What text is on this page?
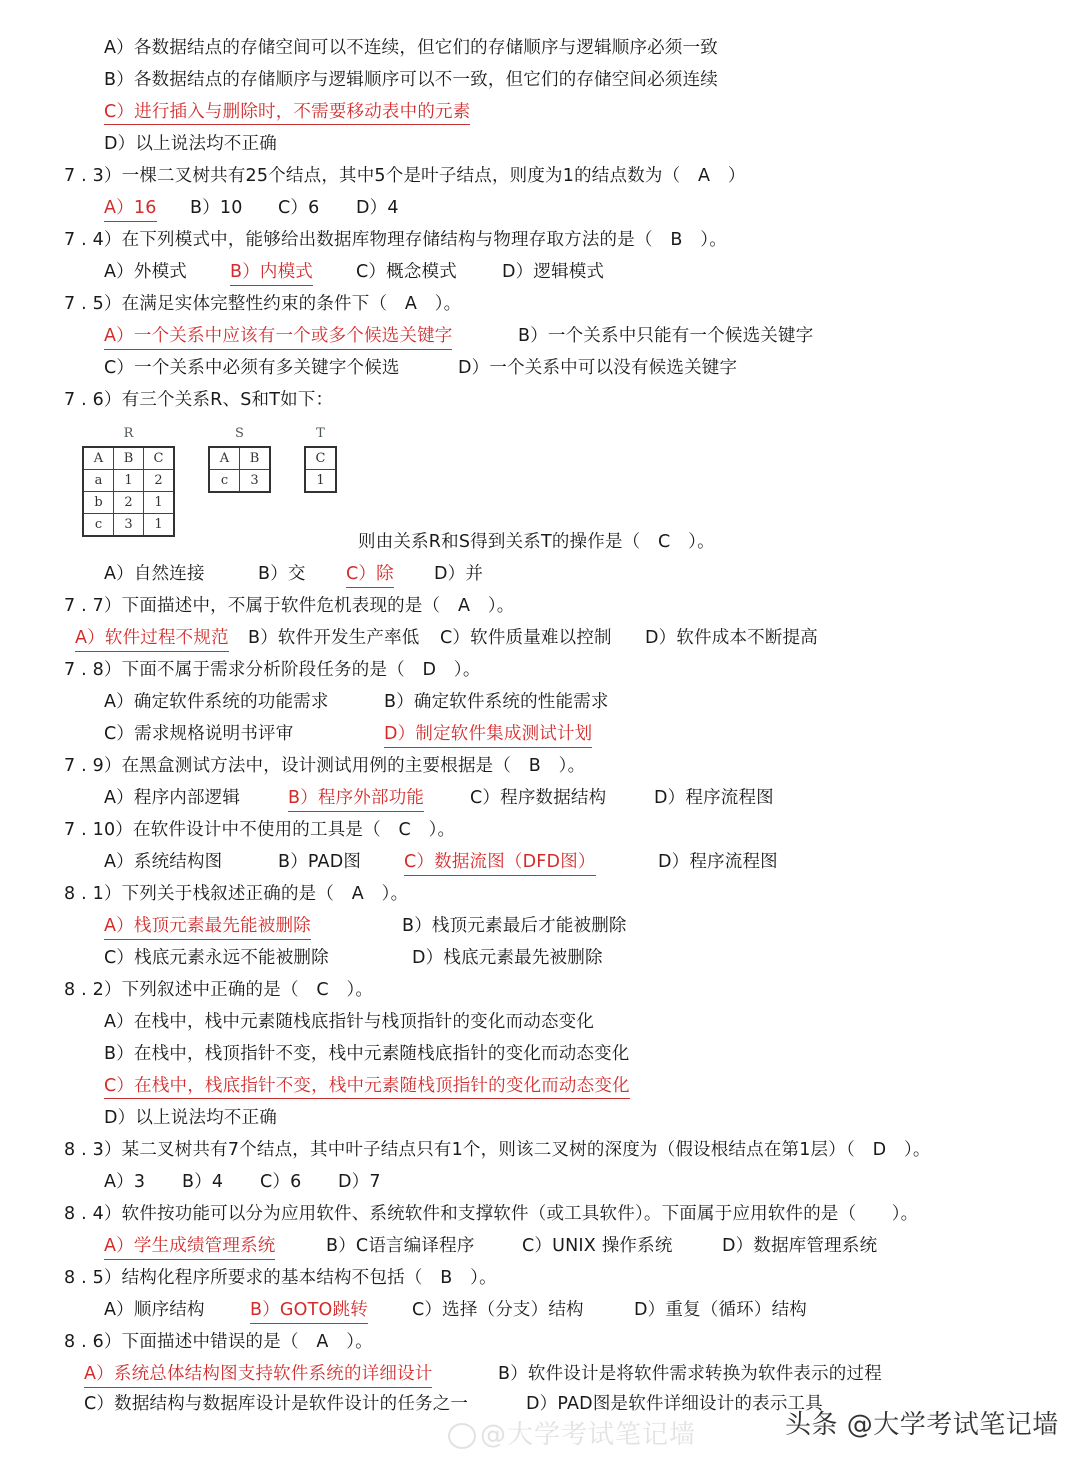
A）各数据结点的存储空间可以不连续，但它们的存储顺序与逻辑顺序必须一致
B）各数据结点的存储顺序与逻辑顺序可以不一致，但它们的存储空间必须连续
C）进行插入与删除时，不需要移动表中的元素
D）以上说法均不正确
7 . 3）一棵二叉树共有25个结点，其中5个是叶子结点，则度为1的结点数为（　A　）
A）16 B）10 C）6 D）4
7 . 4）在下列模式中，能够给出数据库物理存储结构与物理存取方法的是（　B　）。
A）外模式 B）内模式 C）概念模式	D）逻辑模式
7 . 5）在满足实体完整性约束的条件下（　A　）。
A）一个关系中应该有一个或多个候选关键字	B）一个关系中只能有一个候选关键字
C）一个关系中必须有多关键字个候选	D）一个关系中可以没有候选关键字
7 . 6）有三个关系R、S和T如下：
R
A	B	C
a	1	2
b	2	1
c	3	1
S
A	B
c	3
T
C
1
则由关系R和S得到关系T的操作是（　C　）。
A）自然连接	B）交 C）除 D）并
7 . 7）下面描述中，不属于软件危机表现的是（　A　）。
A）软件过程不规范 B）软件开发生产率低 C）软件质量难以控制 D）软件成本不断提高
7 . 8）下面不属于需求分析阶段任务的是（　D　）。
A）确定软件系统的功能需求	B）确定软件系统的性能需求
C）需求规格说明书评审	D）制定软件集成测试计划
7 . 9）在黑盒测试方法中，设计测试用例的主要根据是（　B　）。
A）程序内部逻辑	B）程序外部功能	C）程序数据结构	D）程序流程图
7 . 10）在软件设计中不使用的工具是（　C　）。
A）系统结构图	B）PAD图 C）数据流图（DFD图）	D）程序流程图
8 . 1）下列关于栈叙述正确的是（　A　）。
A）栈顶元素最先能被删除	B）栈顶元素最后才能被删除
C）栈底元素永远不能被删除	D）栈底元素最先被删除
8 . 2）下列叙述中正确的是（　C　）。
A）在栈中，栈中元素随栈底指针与栈顶指针的变化而动态变化
B）在栈中，栈顶指针不变，栈中元素随栈底指针的变化而动态变化
C）在栈中，栈底指针不变，栈中元素随栈顶指针的变化而动态变化
D）以上说法均不正确
8 . 3）某二叉树共有7个结点，其中叶子结点只有1个，则该二叉树的深度为（假设根结点在第1层）（　D　）。
A）3 B）4 C）6 D）7
8 . 4）软件按功能可以分为应用软件、系统软件和支撑软件（或工具软件）。下面属于应用软件的是（　　）。
A）学生成绩管理系统	B）C语言编译程序	C）UNIX 操作系统	D）数据库管理系统
8 . 5）结构化程序所要求的基本结构不包括（　B　）。
A）顺序结构	B）GOTO跳转	C）选择（分支）结构	D）重复（循环）结构
8 . 6）下面描述中错误的是（　A　）。
A）系统总体结构图支持软件系统的详细设计	B）软件设计是将软件需求转换为软件表示的过程
C）数据结构与数据库设计是软件设计的任务之一	D）PAD图是软件详细设计的表示工具
@大学考试笔记墙	头条 @大学考试笔记墙
